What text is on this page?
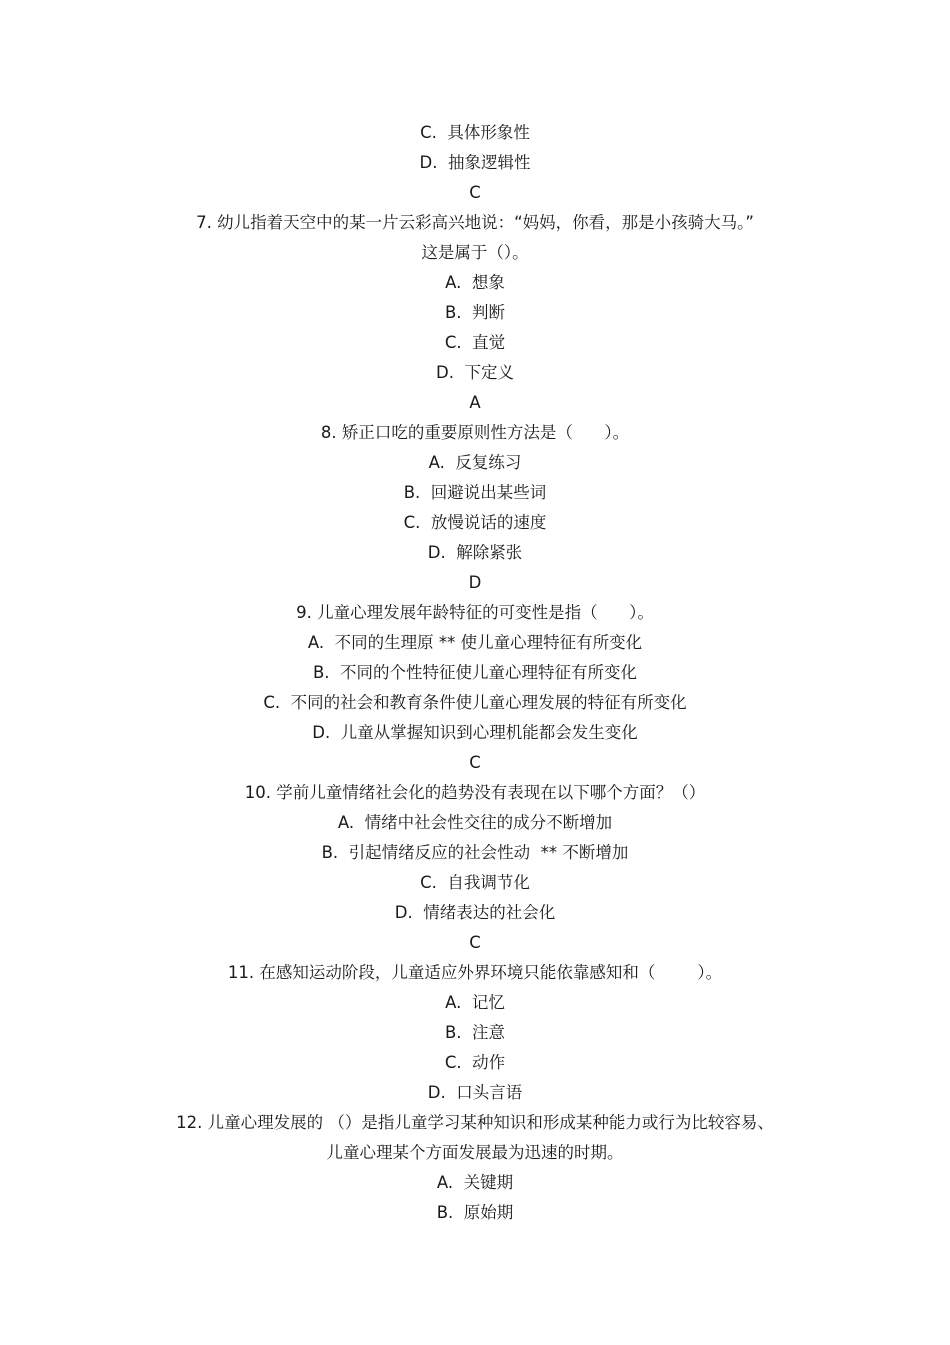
C.  具体形象性
D.  抽象逻辑性
C
7. 幼儿指着天空中的某一片云彩高兴地说：“妈妈，你看，那是小孩骑大马。”
这是属于（）。
A.  想象
B.  判断
C.  直觉
D.  下定义
A
8. 矫正口吃的重要原则性方法是（      ）。
A.  反复练习
B.  回避说出某些词
C.  放慢说话的速度
D.  解除紧张
D
9. 儿童心理发展年龄特征的可变性是指（      ）。
A.  不同的生理原 ** 使儿童心理特征有所变化
B.  不同的个性特征使儿童心理特征有所变化
C.  不同的社会和教育条件使儿童心理发展的特征有所变化
D.  儿童从掌握知识到心理机能都会发生变化
C
10. 学前儿童情绪社会化的趋势没有表现在以下哪个方面？（）
A.  情绪中社会性交往的成分不断增加
B.  引起情绪反应的社会性动  ** 不断增加
C.  自我调节化
D.  情绪表达的社会化
C
11. 在感知运动阶段，儿童适应外界环境只能依靠感知和（        ）。
A.  记忆
B.  注意
C.  动作
D.  口头言语
12. 儿童心理发展的 （）是指儿童学习某种知识和形成某种能力或行为比较容易、
儿童心理某个方面发展最为迅速的时期。
A.  关键期
B.  原始期
